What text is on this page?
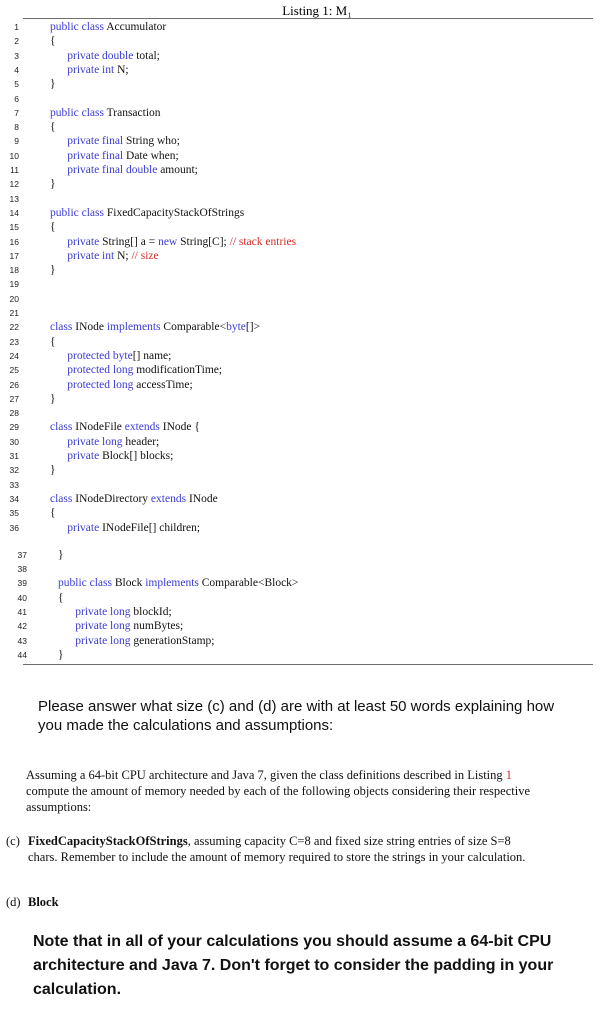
Listing 1: M₁
1	public class Accumulator
2	{
3	private double total;
4	private int N;
5	}
6
7	public class Transaction
8	{
9	private final String who;
10	private final Date when;
11	private final double amount;
12	}
13
14	public class FixedCapacityStackOfStrings
15	{
16	private String[] a = new String[C]; // stack entries
17	private int N; // size
18	}
19
20
21
22	class INode implements Comparable<byte[]>
23	{
24	protected byte[] name;
25	protected long modificationTime;
26	protected long accessTime;
27	}
28
29	class INodeFile extends INode {
30	private long header;
31	private Block[] blocks;
32	}
33
34	class INodeDirectory extends INode
35	{
36	private INodeFile[] children;
37	}
38
39	public class Block implements Comparable<Block>
40	{
41	private long blockId;
42	private long numBytes;
43	private long generationStamp;
44	}
Please answer what size (c) and (d) are with at least 50 words explaining how you made the calculations and assumptions:
Assuming a 64-bit CPU architecture and Java 7, given the class definitions described in Listing 1 compute the amount of memory needed by each of the following objects considering their respective assumptions:
(c) FixedCapacityStackOfStrings, assuming capacity C=8 and fixed size string entries of size S=8 chars. Remember to include the amount of memory required to store the strings in your calculation.
(d) Block
Note that in all of your calculations you should assume a 64-bit CPU architecture and Java 7. Don't forget to consider the padding in your calculation.
